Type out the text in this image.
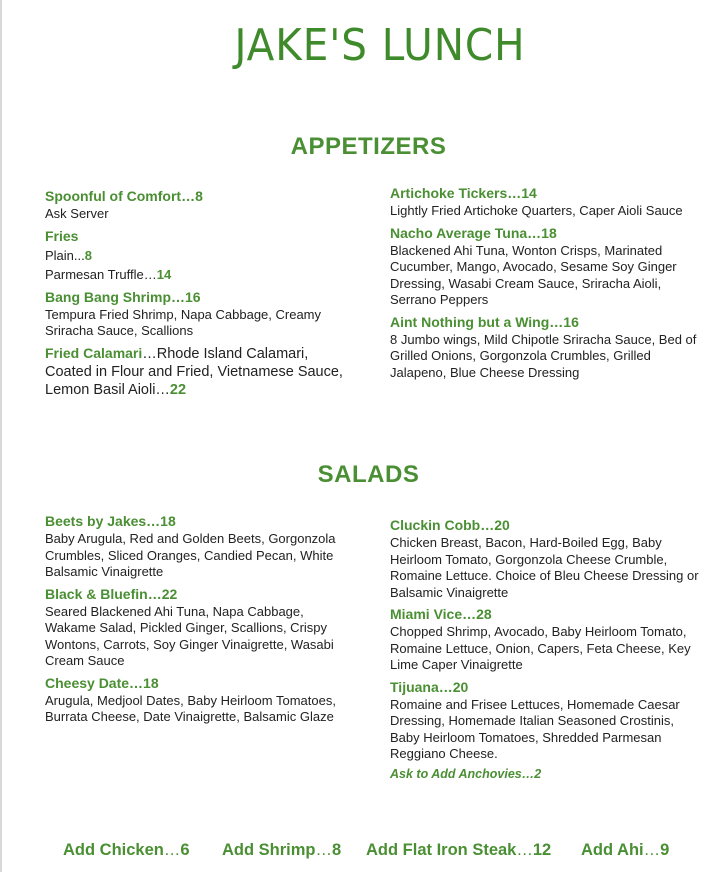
JAKE'S LUNCH
APPETIZERS

Spoonful of Comfort…8

Ask Server

Fries

Plain...8

Parmesan Truffle…14

Bang Bang Shrimp…16

Tempura Fried Shrimp, Napa Cabbage, Creamy Sriracha Sauce, Scallions

Fried Calamari…Rhode Island Calamari, Coated in Flour and Fried, Vietnamese Sauce, Lemon Basil Aioli…22

Artichoke Tickers…14

Lightly Fried Artichoke Quarters, Caper Aioli Sauce

Nacho Average Tuna…18

Blackened Ahi Tuna, Wonton Crisps, Marinated Cucumber, Mango, Avocado, Sesame Soy Ginger Dressing, Wasabi Cream Sauce, Sriracha Aioli, Serrano Peppers

Aint Nothing but a Wing…16

8 Jumbo wings, Mild Chipotle Sriracha Sauce, Bed of Grilled Onions, Gorgonzola Crumbles, Grilled Jalapeno, Blue Cheese Dressing

SALADS

Beets by Jakes…18

Baby Arugula, Red and Golden Beets, Gorgonzola Crumbles, Sliced Oranges, Candied Pecan, White Balsamic Vinaigrette

Black & Bluefin…22

Seared Blackened Ahi Tuna, Napa Cabbage, Wakame Salad, Pickled Ginger, Scallions, Crispy Wontons, Carrots, Soy Ginger Vinaigrette, Wasabi Cream Sauce

Cheesy Date…18

Arugula, Medjool Dates, Baby Heirloom Tomatoes, Burrata Cheese, Date Vinaigrette, Balsamic Glaze

Cluckin Cobb…20

Chicken Breast, Bacon, Hard-Boiled Egg, Baby Heirloom Tomato, Gorgonzola Cheese Crumble, Romaine Lettuce. Choice of Bleu Cheese Dressing or Balsamic Vinaigrette

Miami Vice…28

Chopped Shrimp, Avocado, Baby Heirloom Tomato, Romaine Lettuce, Onion, Capers, Feta Cheese, Key Lime Caper Vinaigrette

Tijuana…20

Romaine and Frisee Lettuces, Homemade Caesar Dressing, Homemade Italian Seasoned Crostinis, Baby Heirloom Tomatoes, Shredded Parmesan Reggiano Cheese.

Ask to Add Anchovies…2
Add Chicken…6 Add Shrimp…8 Add Flat Iron Steak…12 Add Ahi…9
